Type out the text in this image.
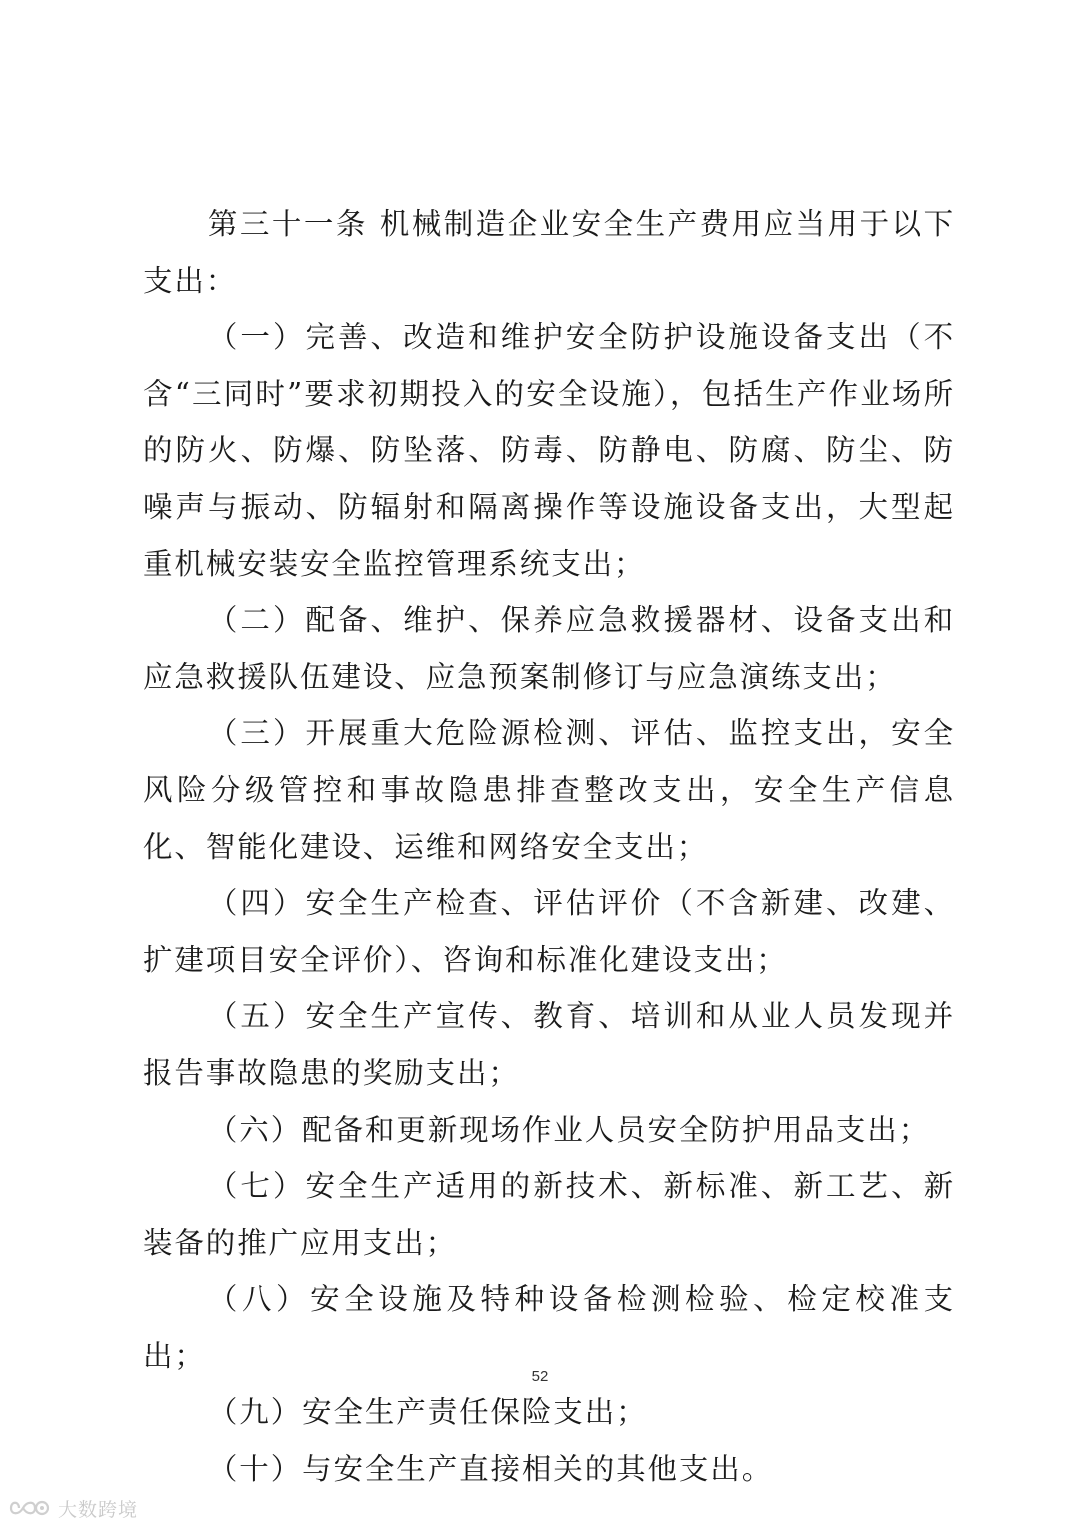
第三十一条 机械制造企业安全生产费用应当用于以下支出：

（一）完善、改造和维护安全防护设施设备支出（不含“三同时”要求初期投入的安全设施），包括生产作业场所的防火、防爆、防坠落、防毒、防静电、防腐、防尘、防噪声与振动、防辐射和隔离操作等设施设备支出，大型起重机械安装安全监控管理系统支出；

（二）配备、维护、保养应急救援器材、设备支出和应急救援队伍建设、应急预案制修订与应急演练支出；

（三）开展重大危险源检测、评估、监控支出，安全风险分级管控和事故隐患排查整改支出，安全生产信息化、智能化建设、运维和网络安全支出；

（四）安全生产检查、评估评价（不含新建、改建、扩建项目安全评价）、咨询和标准化建设支出；

（五）安全生产宣传、教育、培训和从业人员发现并报告事故隐患的奖励支出；

（六）配备和更新现场作业人员安全防护用品支出；

（七）安全生产适用的新技术、新标准、新工艺、新装备的推广应用支出；

（八）安全设施及特种设备检测检验、检定校准支出；

（九）安全生产责任保险支出；

（十）与安全生产直接相关的其他支出。

52
大数跨境
